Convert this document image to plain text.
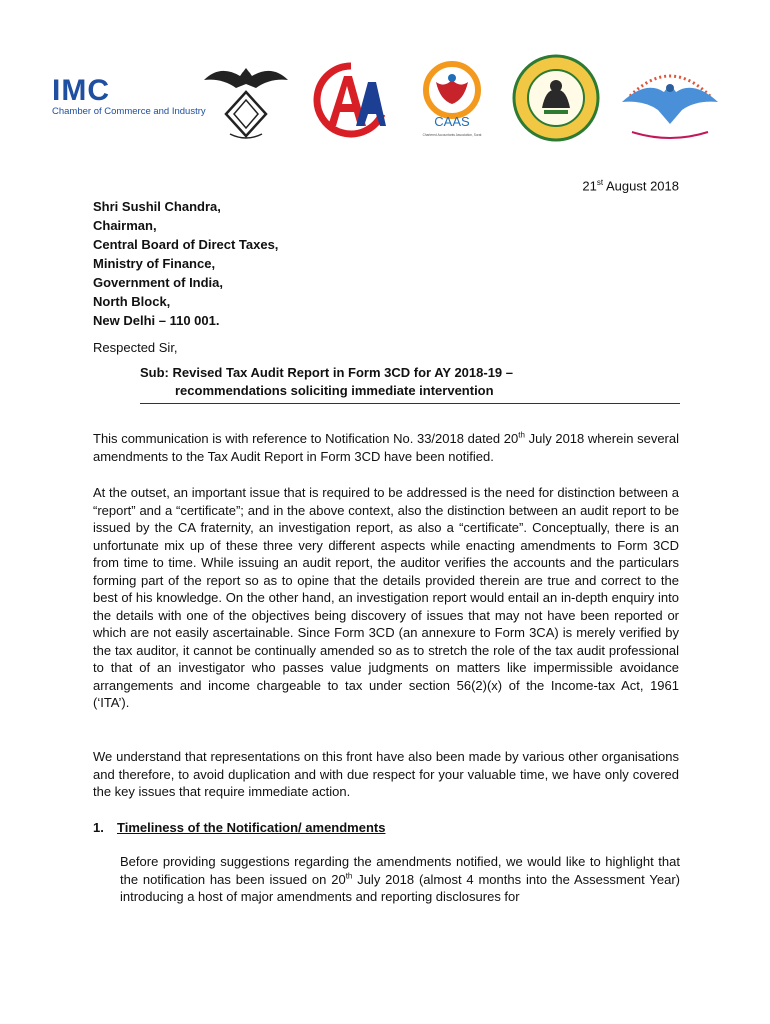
IMC
Chamber of Commerce and Industry
CAAS
Chartered Accountants Association, Surat
21st August 2018
Shri Sushil Chandra,
Chairman,
Central Board of Direct Taxes,
Ministry of Finance,
Government of India,
North Block,
New Delhi – 110 001.
Respected Sir,
Sub: Revised Tax Audit Report in Form 3CD for AY 2018-19 –
recommendations soliciting immediate intervention
This communication is with reference to Notification No. 33/2018 dated 20th July 2018 wherein several amendments to the Tax Audit Report in Form 3CD have been notified.
At the outset, an important issue that is required to be addressed is the need for distinction between a “report” and a “certificate”; and in the above context, also the distinction between an audit report to be issued by the CA fraternity, an investigation report, as also a “certificate”. Conceptually, there is an unfortunate mix up of these three very different aspects while enacting amendments to Form 3CD from time to time. While issuing an audit report, the auditor verifies the accounts and the particulars forming part of the report so as to opine that the details provided therein are true and correct to the best of his knowledge. On the other hand, an investigation report would entail an in-depth enquiry into the details with one of the objectives being discovery of issues that may not have been reported or which are not easily ascertainable. Since Form 3CD (an annexure to Form 3CA) is merely verified by the tax auditor, it cannot be continually amended so as to stretch the role of the tax audit professional to that of an investigator who passes value judgments on matters like impermissible avoidance arrangements and income chargeable to tax under section 56(2)(x) of the Income-tax Act, 1961 (‘ITA’).
We understand that representations on this front have also been made by various other organisations and therefore, to avoid duplication and with due respect for your valuable time, we have only covered the key issues that require immediate action.
1. Timeliness of the Notification/ amendments
Before providing suggestions regarding the amendments notified, we would like to highlight that the notification has been issued on 20th July 2018 (almost 4 months into the Assessment Year) introducing a host of major amendments and reporting disclosures for
